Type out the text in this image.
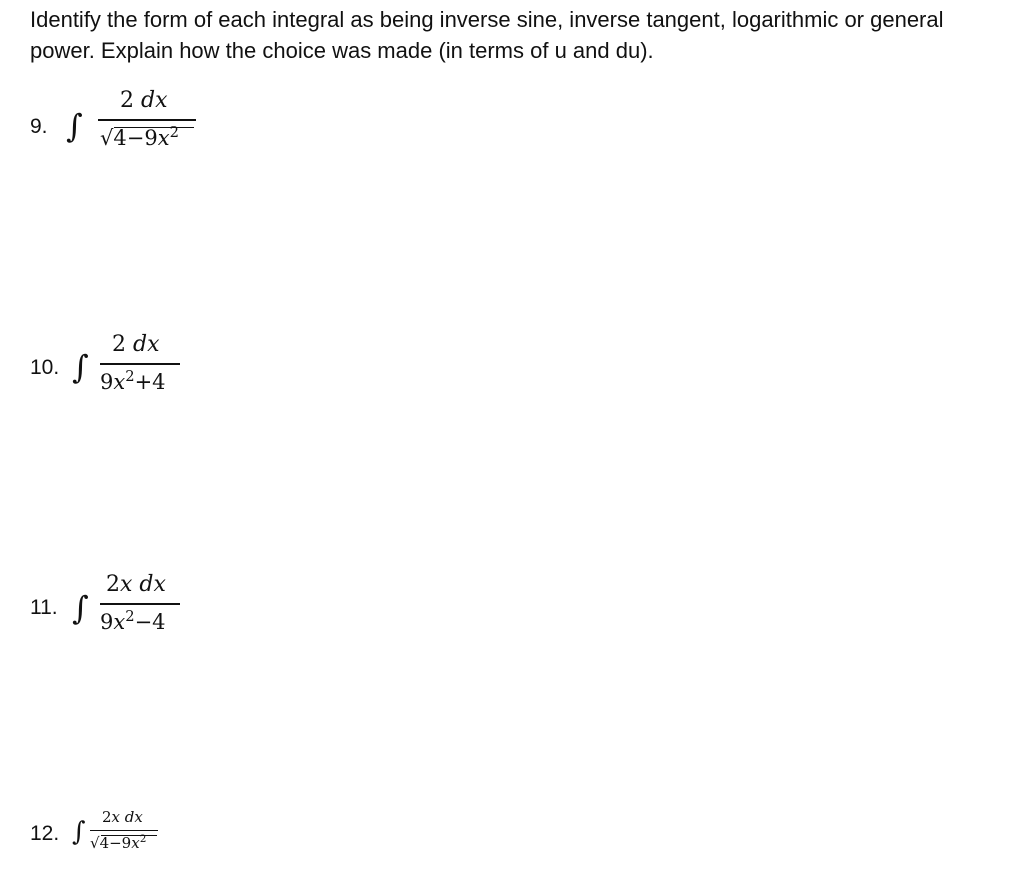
Identify the form of each integral as being inverse sine, inverse tangent, logarithmic or general
power. Explain how the choice was made (in terms of u and du).
9. ∫
2 dx
$√4-9x^2$
10. ∫
2 dx
$9x^2+4$
11. ∫
2x dx
$9x^2-4$
12. ∫ 2x dx
$√4-9x^2$
